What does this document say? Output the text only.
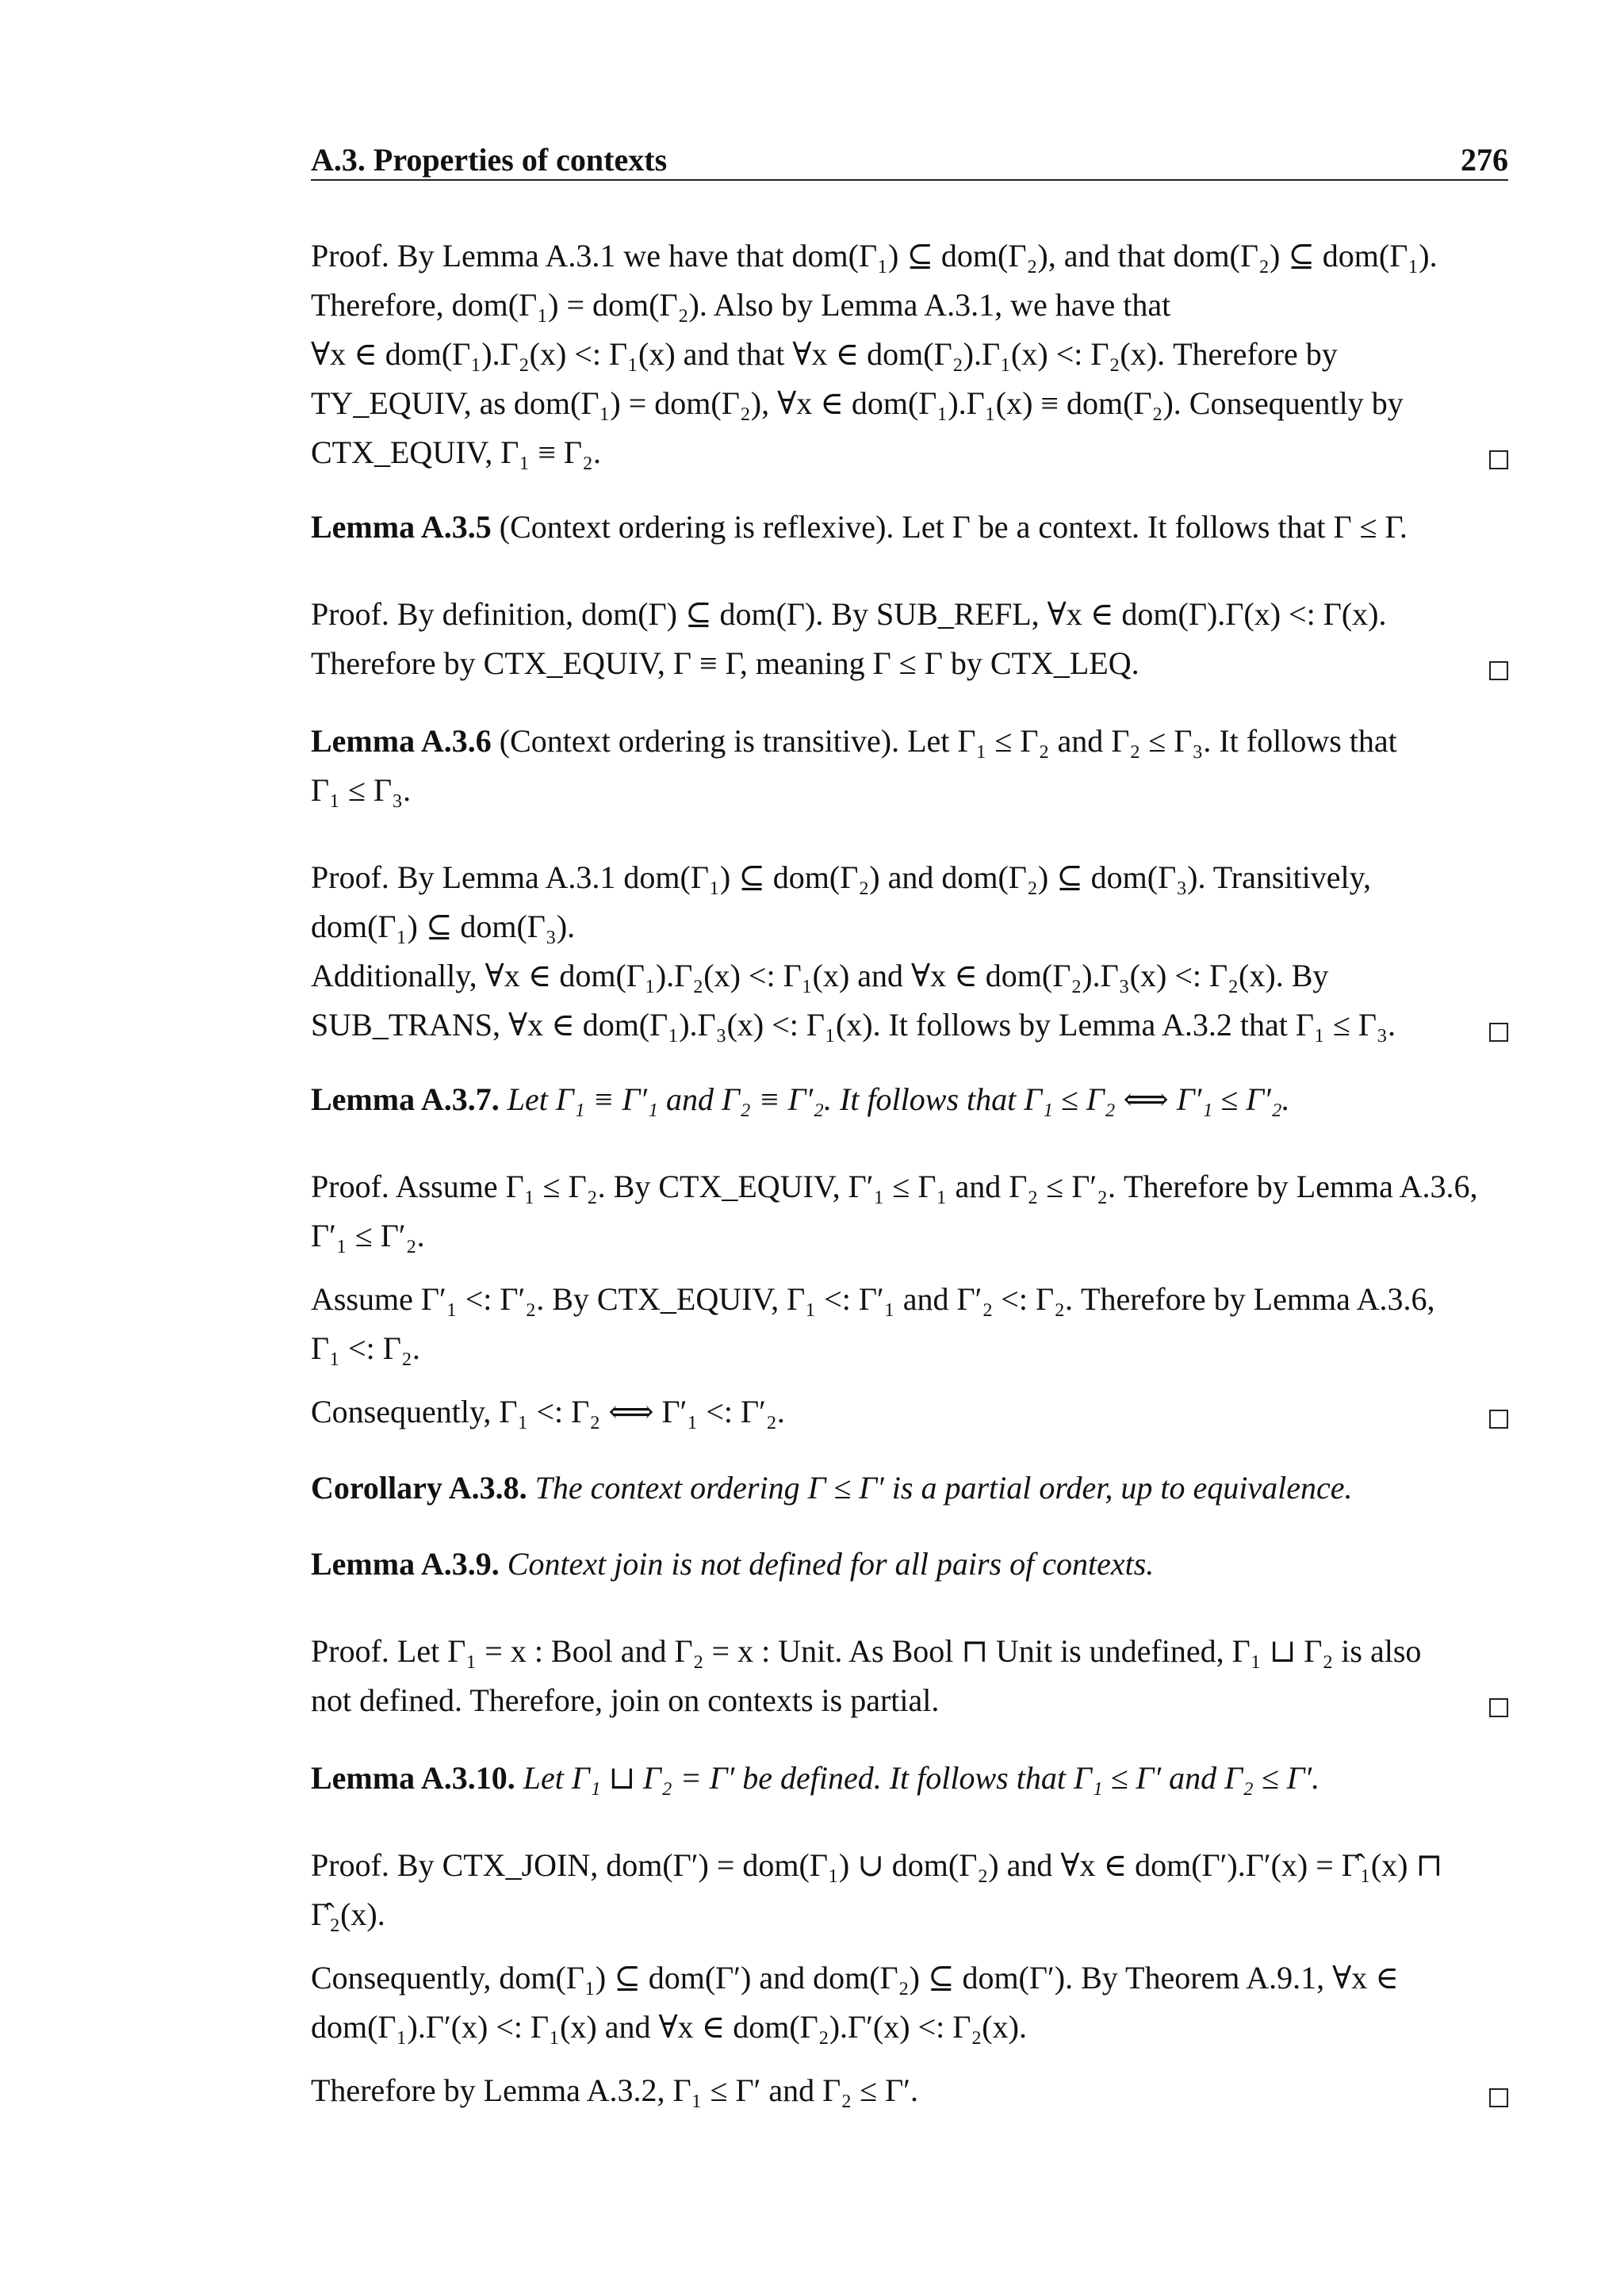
A.3. Properties of contexts	276
Proof. By Lemma A.3.1 we have that dom(Γ₁) ⊆ dom(Γ₂), and that dom(Γ₂) ⊆ dom(Γ₁).
Therefore, dom(Γ₁) = dom(Γ₂). Also by Lemma A.3.1, we have that
∀x ∈ dom(Γ₁).Γ₂(x) <: Γ₁(x) and that ∀x ∈ dom(Γ₂).Γ₁(x) <: Γ₂(x). Therefore by
TY_EQUIV, as dom(Γ₁) = dom(Γ₂), ∀x ∈ dom(Γ₁).Γ₁(x) ≡ dom(Γ₂). Consequently by
CTX_EQUIV, Γ₁ ≡ Γ₂.
Lemma A.3.5 (Context ordering is reflexive). Let Γ be a context. It follows that Γ ≤ Γ.
Proof. By definition, dom(Γ) ⊆ dom(Γ). By SUB_REFL, ∀x ∈ dom(Γ).Γ(x) <: Γ(x).
Therefore by CTX_EQUIV, Γ ≡ Γ, meaning Γ ≤ Γ by CTX_LEQ.
Lemma A.3.6 (Context ordering is transitive). Let Γ₁ ≤ Γ₂ and Γ₂ ≤ Γ₃. It follows that
Γ₁ ≤ Γ₃.
Proof. By Lemma A.3.1 dom(Γ₁) ⊆ dom(Γ₂) and dom(Γ₂) ⊆ dom(Γ₃). Transitively,
dom(Γ₁) ⊆ dom(Γ₃).
Additionally, ∀x ∈ dom(Γ₁).Γ₂(x) <: Γ₁(x) and ∀x ∈ dom(Γ₂).Γ₃(x) <: Γ₂(x). By
SUB_TRANS, ∀x ∈ dom(Γ₁).Γ₃(x) <: Γ₁(x). It follows by Lemma A.3.2 that Γ₁ ≤ Γ₃.
Lemma A.3.7. Let Γ₁ ≡ Γ′₁ and Γ₂ ≡ Γ′₂. It follows that Γ₁ ≤ Γ₂ ⟺ Γ′₁ ≤ Γ′₂.
Proof. Assume Γ₁ ≤ Γ₂. By CTX_EQUIV, Γ′₁ ≤ Γ₁ and Γ₂ ≤ Γ′₂. Therefore by Lemma A.3.6,
Γ′₁ ≤ Γ′₂.
Assume Γ′₁ <: Γ′₂. By CTX_EQUIV, Γ₁ <: Γ′₁ and Γ′₂ <: Γ₂. Therefore by Lemma A.3.6,
Γ₁ <: Γ₂.
Consequently, Γ₁ <: Γ₂ ⟺ Γ′₁ <: Γ′₂.
Corollary A.3.8. The context ordering Γ ≤ Γ′ is a partial order, up to equivalence.
Lemma A.3.9. Context join is not defined for all pairs of contexts.
Proof. Let Γ₁ = x : Bool and Γ₂ = x : Unit. As Bool ⊓ Unit is undefined, Γ₁ ⊔ Γ₂ is also
not defined. Therefore, join on contexts is partial.
Lemma A.3.10. Let Γ₁ ⊔ Γ₂ = Γ′ be defined. It follows that Γ₁ ≤ Γ′ and Γ₂ ≤ Γ′.
Proof. By CTX_JOIN, dom(Γ′) = dom(Γ₁) ∪ dom(Γ₂) and ∀x ∈ dom(Γ′).Γ′(x) = Γ̂₁(x) ⊓
Γ̂₂(x).
Consequently, dom(Γ₁) ⊆ dom(Γ′) and dom(Γ₂) ⊆ dom(Γ′). By Theorem A.9.1, ∀x ∈
dom(Γ₁).Γ′(x) <: Γ₁(x) and ∀x ∈ dom(Γ₂).Γ′(x) <: Γ₂(x).
Therefore by Lemma A.3.2, Γ₁ ≤ Γ′ and Γ₂ ≤ Γ′.
